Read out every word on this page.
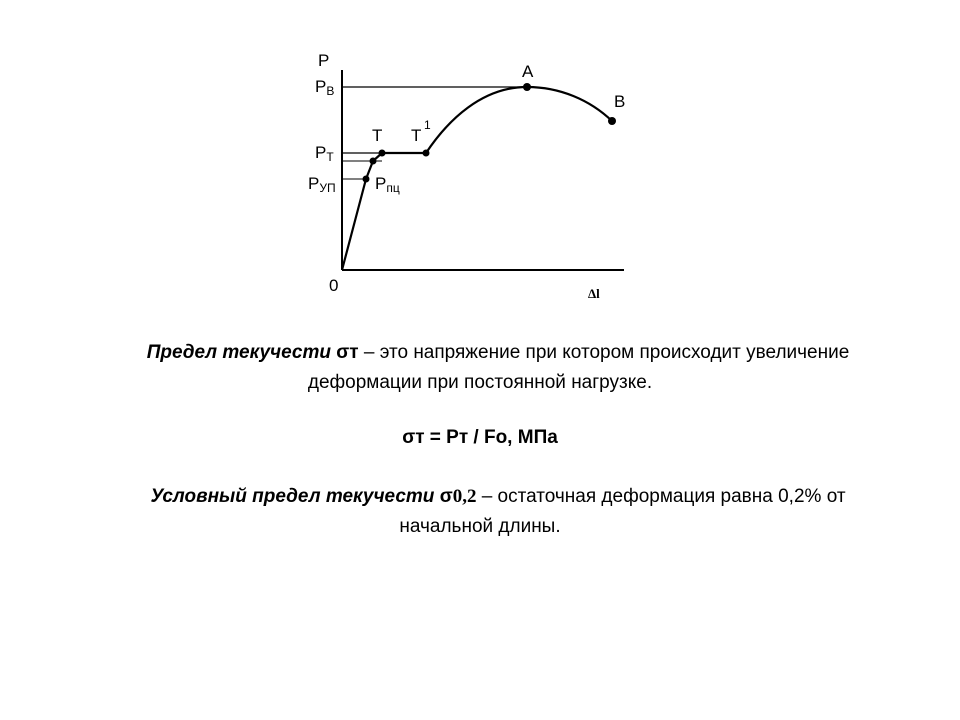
P
Δl
0
PВ
PТ
PУП Pпц
T T
1
A
B
Предел текучести σт – это напряжение при котором происходит увеличение
деформации при постоянной нагрузке.
σт = Рт / Fo, МПа
Условный предел текучести σ0,2 – остаточная деформация равна 0,2% от
начальной длины.
